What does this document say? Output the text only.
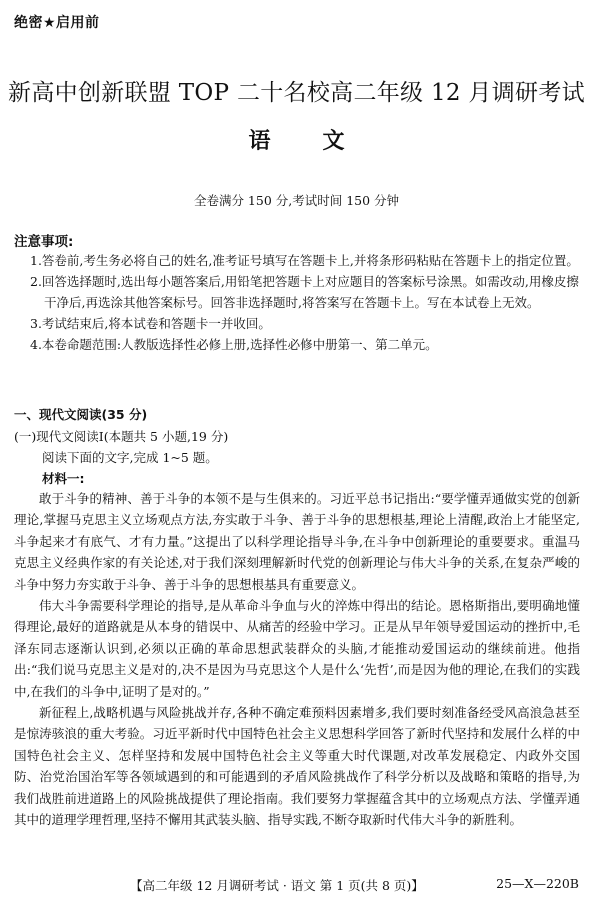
绝密★启用前
新高中创新联盟 TOP 二十名校高二年级 12 月调研考试
语 文
全卷满分 150 分,考试时间 150 分钟
注意事项:
1.答卷前,考生务必将自己的姓名,准考证号填写在答题卡上,并将条形码粘贴在答题卡上的指定位置。
2.回答选择题时,选出每小题答案后,用铅笔把答题卡上对应题目的答案标号涂黑。如需改动,用橡皮擦干净后,再选涂其他答案标号。回答非选择题时,将答案写在答题卡上。写在本试卷上无效。
3.考试结束后,将本试卷和答题卡一并收回。
4.本卷命题范围:人教版选择性必修上册,选择性必修中册第一、第二单元。
一、现代文阅读(35 分)
(一)现代文阅读Ⅰ(本题共 5 小题,19 分)
阅读下面的文字,完成 1~5 题。
材料一:

敢于斗争的精神、善于斗争的本领不是与生俱来的。习近平总书记指出:“要学懂弄通做实党的创新理论,掌握马克思主义立场观点方法,夯实敢于斗争、善于斗争的思想根基,理论上清醒,政治上才能坚定,斗争起来才有底气、才有力量。”这提出了以科学理论指导斗争,在斗争中创新理论的重要要求。重温马克思主义经典作家的有关论述,对于我们深刻理解新时代党的创新理论与伟大斗争的关系,在复杂严峻的斗争中努力夯实敢于斗争、善于斗争的思想根基具有重要意义。

伟大斗争需要科学理论的指导,是从革命斗争血与火的淬炼中得出的结论。恩格斯指出,要明确地懂得理论,最好的道路就是从本身的错误中、从痛苦的经验中学习。正是从早年领导爱国运动的挫折中,毛泽东同志逐渐认识到,必须以正确的革命思想武装群众的头脑,才能推动爱国运动的继续前进。他指出:“我们说马克思主义是对的,决不是因为马克思这个人是什么‘先哲’,而是因为他的理论,在我们的实践中,在我们的斗争中,证明了是对的。”

新征程上,战略机遇与风险挑战并存,各种不确定难预料因素增多,我们要时刻准备经受风高浪急甚至是惊涛骇浪的重大考验。习近平新时代中国特色社会主义思想科学回答了新时代坚持和发展什么样的中国特色社会主义、怎样坚持和发展中国特色社会主义等重大时代课题,对改革发展稳定、内政外交国防、治党治国治军等各领域遇到的和可能遇到的矛盾风险挑战作了科学分析以及战略和策略的指导,为我们战胜前进道路上的风险挑战提供了理论指南。我们要努力掌握蕴含其中的立场观点方法、学懂弄通其中的道理学理哲理,坚持不懈用其武装头脑、指导实践,不断夺取新时代伟大斗争的新胜利。

【高二年级 12 月调研考试 · 语文 第 1 页(共 8 页)】	25—X—220B
